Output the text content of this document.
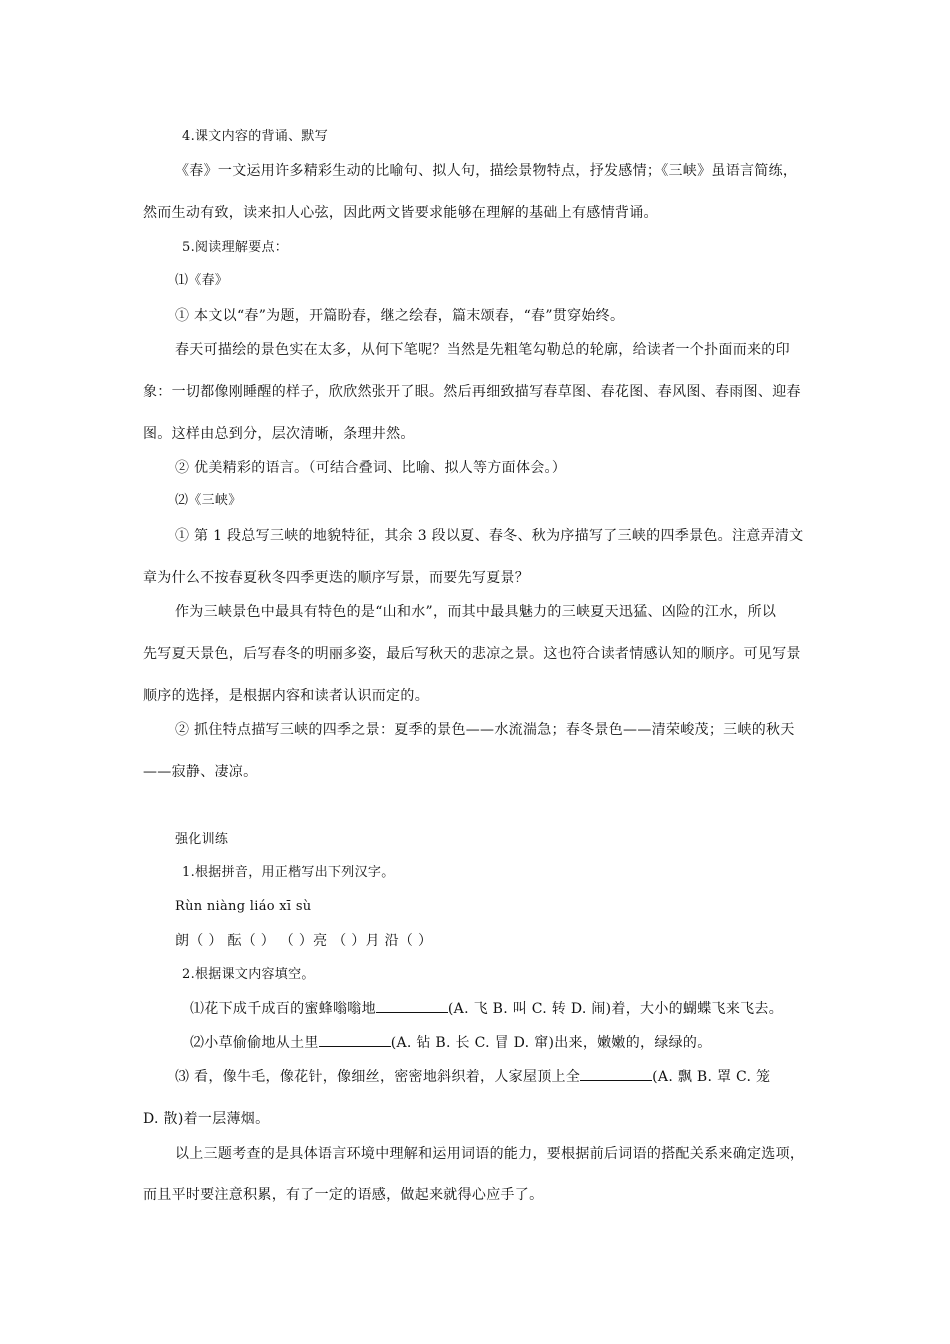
4.课文内容的背诵、默写
《春》一文运用许多精彩生动的比喻句、拟人句，描绘景物特点，抒发感情；《三峡》虽语言简练，
然而生动有致，读来扣人心弦，因此两文皆要求能够在理解的基础上有感情背诵。
5.阅读理解要点：
⑴《春》
① 本文以“春”为题，开篇盼春，继之绘春，篇末颂春，“春”贯穿始终。
春天可描绘的景色实在太多，从何下笔呢？当然是先粗笔勾勒总的轮廓，给读者一个扑面而来的印
象：一切都像刚睡醒的样子，欣欣然张开了眼。然后再细致描写春草图、春花图、春风图、春雨图、迎春
图。这样由总到分，层次清晰，条理井然。
② 优美精彩的语言。（可结合叠词、比喻、拟人等方面体会。）
⑵《三峡》
① 第 1 段总写三峡的地貌特征，其余 3 段以夏、春冬、秋为序描写了三峡的四季景色。注意弄清文
章为什么不按春夏秋冬四季更迭的顺序写景，而要先写夏景？
作为三峡景色中最具有特色的是“山和水”，而其中最具魅力的三峡夏天迅猛、凶险的江水，所以
先写夏天景色，后写春冬的明丽多姿，最后写秋天的悲凉之景。这也符合读者情感认知的顺序。可见写景
顺序的选择，是根据内容和读者认识而定的。
② 抓住特点描写三峡的四季之景：夏季的景色——水流湍急；春冬景色——清荣峻茂；三峡的秋天
——寂静、凄凉。
强化训练
1.根据拼音，用正楷写出下列汉字。
Rùn niàng liáo xī sù
朗（ ） 酝（ ） （ ）亮 （ ）月 沿（ ）
2.根据课文内容填空。
⑴花下成千成百的蜜蜂嗡嗡地	(A. 飞 B. 叫 C. 转 D. 闹)着，大小的蝴蝶飞来飞去。
⑵小草偷偷地从土里	(A. 钻 B. 长 C. 冒 D. 窜)出来，嫩嫩的，绿绿的。
⑶ 看，像牛毛，像花针，像细丝，密密地斜织着，人家屋顶上全	(A. 飘 B. 罩 C. 笼
D. 散)着一层薄烟。
以上三题考查的是具体语言环境中理解和运用词语的能力，要根据前后词语的搭配关系来确定选项，
而且平时要注意积累，有了一定的语感，做起来就得心应手了。
